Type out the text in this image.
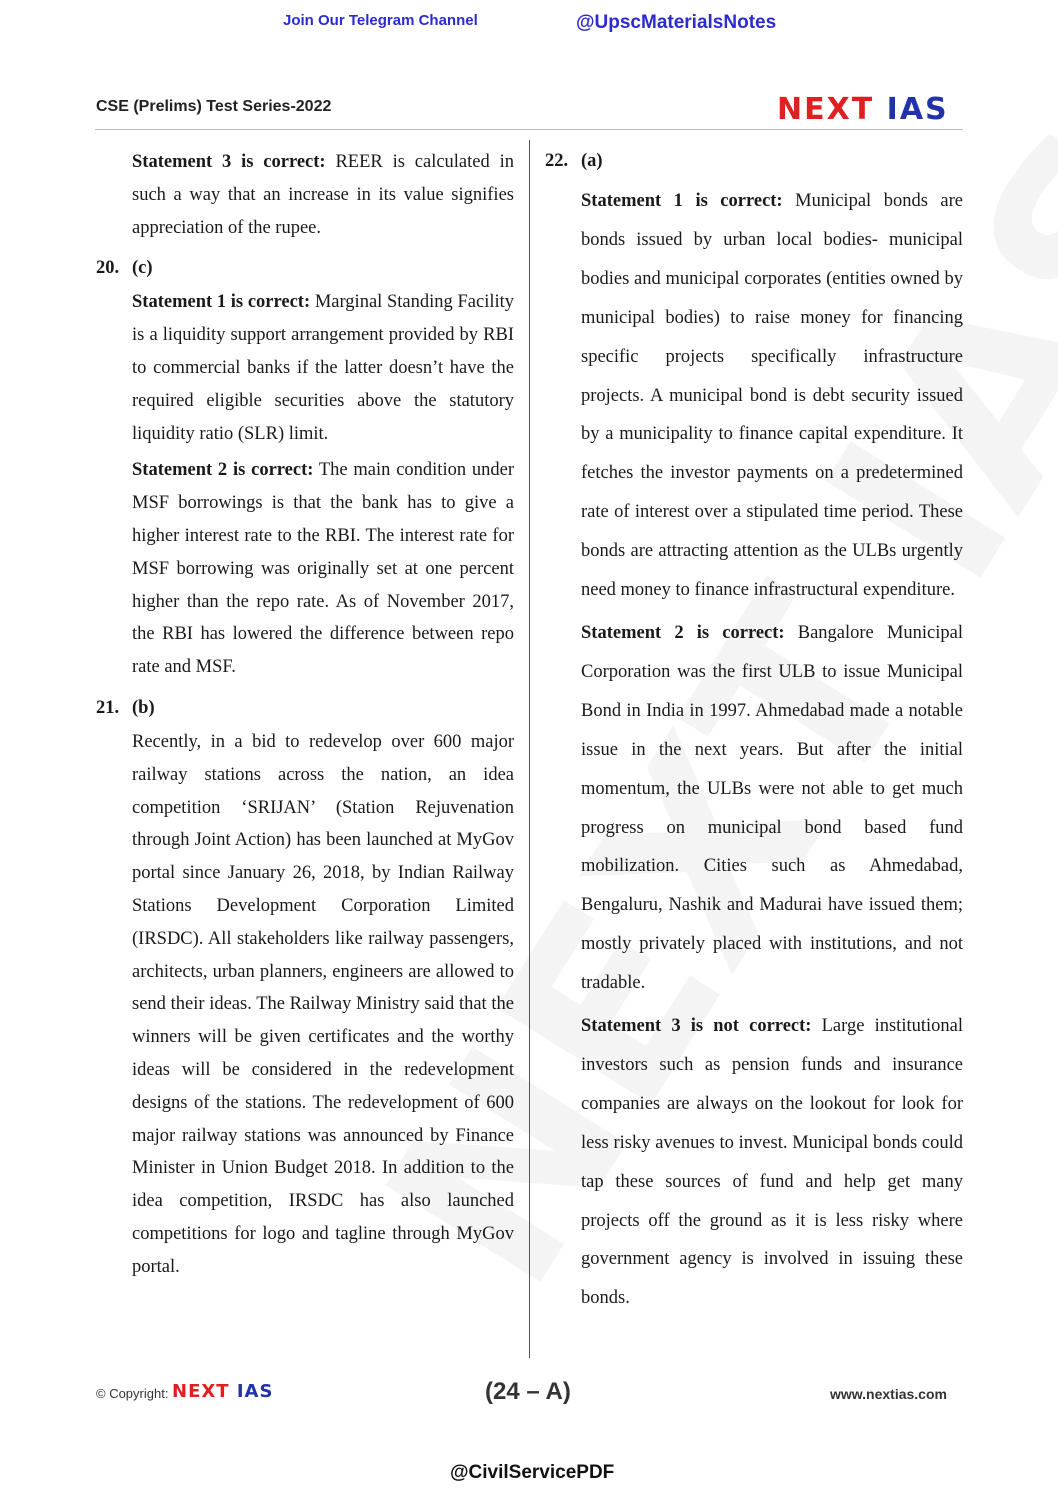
Join Our Telegram Channel	@UpscMaterialsNotes
CSE (Prelims) Test Series-2022	NEXT IAS

Statement 3 is correct: REER is calculated in such a way that an increase in its value signifies appreciation of the rupee.

20. (c)

Statement 1 is correct: Marginal Standing Facility is a liquidity support arrangement provided by RBI to commercial banks if the latter doesn’t have the required eligible securities above the statutory liquidity ratio (SLR) limit.

Statement 2 is correct: The main condition under MSF borrowings is that the bank has to give a higher interest rate to the RBI. The interest rate for MSF borrowing was originally set at one percent higher than the repo rate. As of November 2017, the RBI has lowered the difference between repo rate and MSF.

21. (b)

Recently, in a bid to redevelop over 600 major railway stations across the nation, an idea competition ‘SRIJAN’ (Station Rejuvenation through Joint Action) has been launched at MyGov portal since January 26, 2018, by Indian Railway Stations Development Corporation Limited (IRSDC). All stakeholders like railway passengers, architects, urban planners, engineers are allowed to send their ideas. The Railway Ministry said that the winners will be given certificates and the worthy ideas will be considered in the redevelopment designs of the stations. The redevelopment of 600 major railway stations was announced by Finance Minister in Union Budget 2018. In addition to the idea competition, IRSDC has also launched competitions for logo and tagline through MyGov portal.

22. (a)

Statement 1 is correct: Municipal bonds are bonds issued by urban local bodies- municipal bodies and municipal corporates (entities owned by municipal bodies) to raise money for financing specific projects specifically infrastructure projects. A municipal bond is debt security issued by a municipality to finance capital expenditure. It fetches the investor payments on a predetermined rate of interest over a stipulated time period. These bonds are attracting attention as the ULBs urgently need money to finance infrastructural expenditure.

Statement 2 is correct: Bangalore Municipal Corporation was the first ULB to issue Municipal Bond in India in 1997. Ahmedabad made a notable issue in the next years. But after the initial momentum, the ULBs were not able to get much progress on municipal bond based fund mobilization. Cities such as Ahmedabad, Bengaluru, Nashik and Madurai have issued them; mostly privately placed with institutions, and not tradable.

Statement 3 is not correct: Large institutional investors such as pension funds and insurance companies are always on the lookout for look for less risky avenues to invest. Municipal bonds could tap these sources of fund and help get many projects off the ground as it is less risky where government agency is involved in issuing these bonds.

© Copyright: NEXT IAS	(24 – A)	www.nextias.com
@CivilServicePDF
